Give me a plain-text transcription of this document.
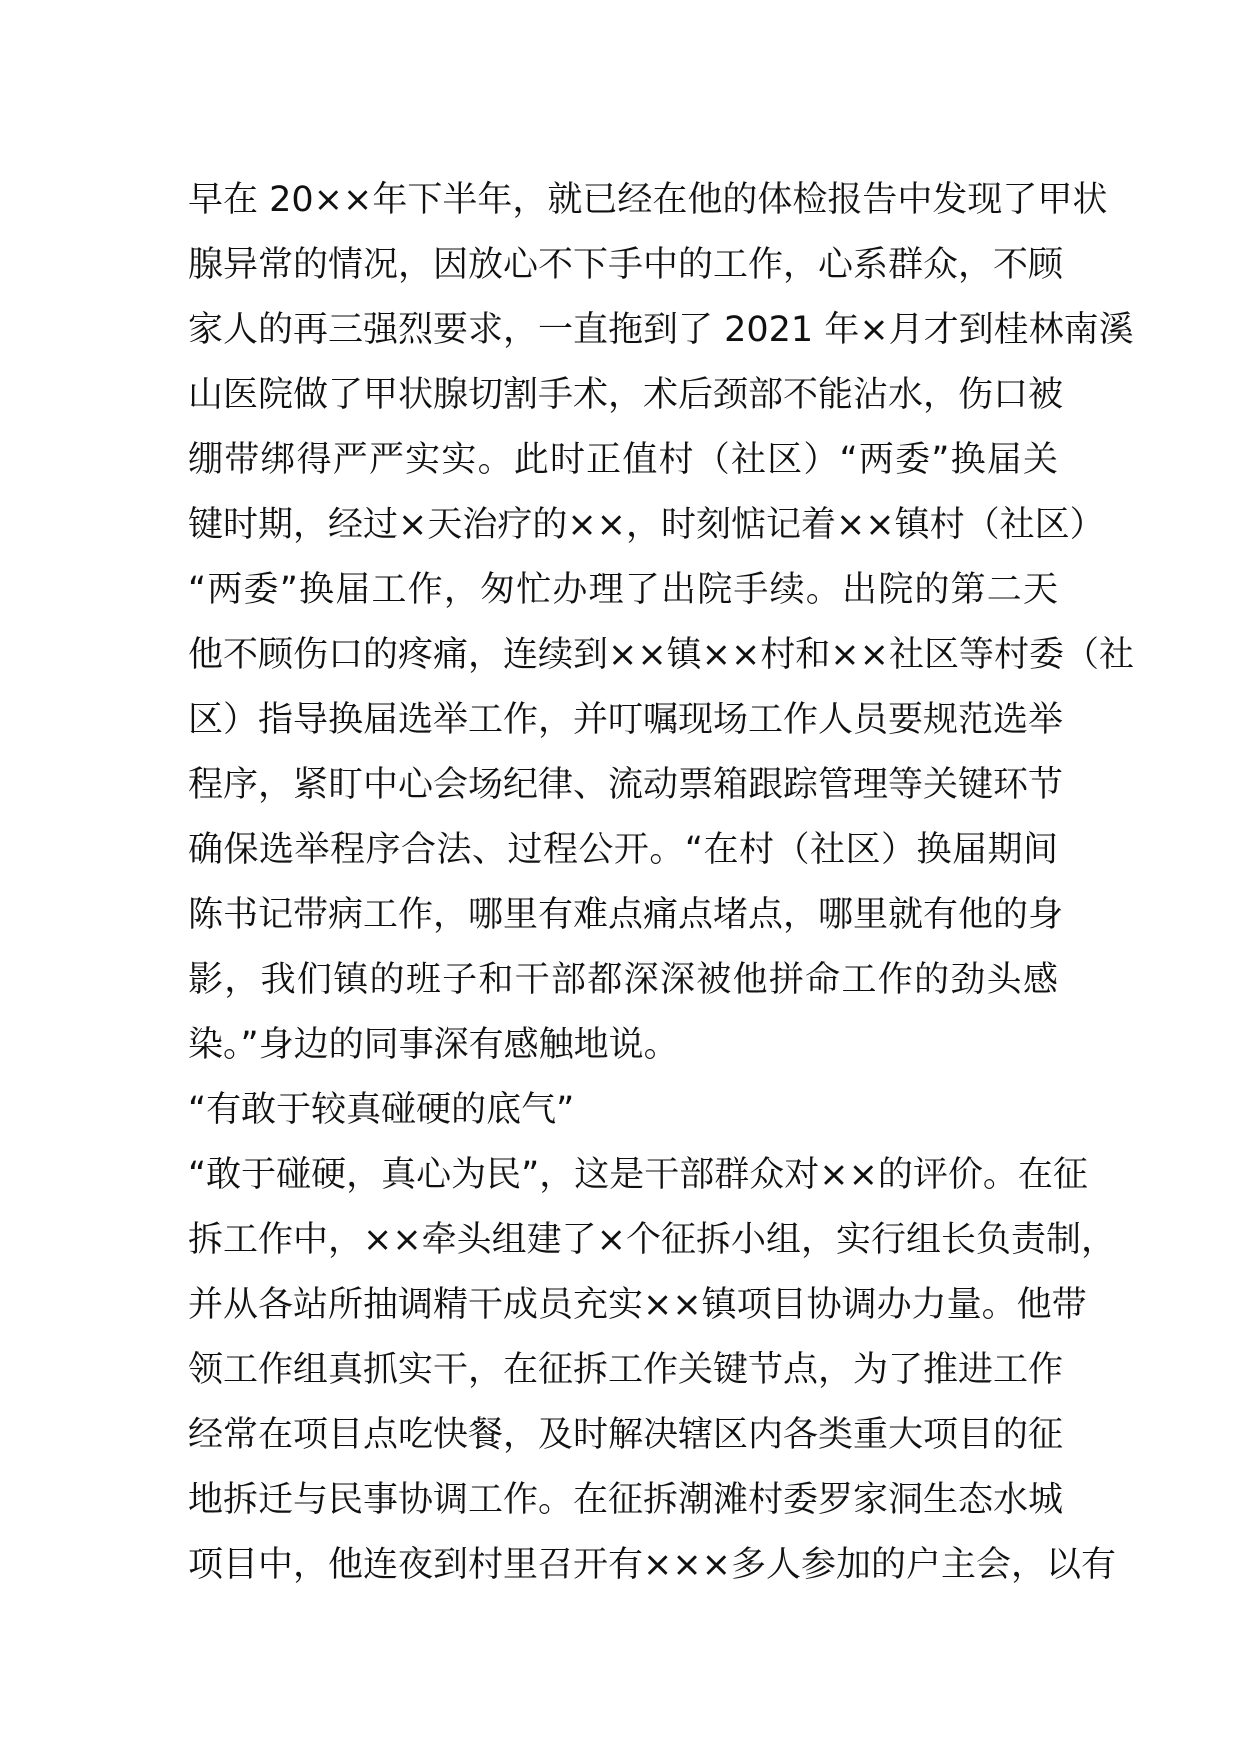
早在 20××年下半年，就已经在他的体检报告中发现了甲状
腺异常的情况，因放心不下手中的工作，心系群众，不顾
家人的再三强烈要求，一直拖到了 2021 年×月才到桂林南溪
山医院做了甲状腺切割手术，术后颈部不能沾水，伤口被
绷带绑得严严实实。此时正值村（社区）“两委”换届关
键时期，经过×天治疗的××，时刻惦记着××镇村（社区）
“两委”换届工作，匆忙办理了出院手续。出院的第二天
他不顾伤口的疼痛，连续到××镇××村和××社区等村委（社
区）指导换届选举工作，并叮嘱现场工作人员要规范选举
程序，紧盯中心会场纪律、流动票箱跟踪管理等关键环节
确保选举程序合法、过程公开。“在村（社区）换届期间
陈书记带病工作，哪里有难点痛点堵点，哪里就有他的身
影，我们镇的班子和干部都深深被他拼命工作的劲头感
染。”身边的同事深有感触地说。
“有敢于较真碰硬的底气”
“敢于碰硬，真心为民”，这是干部群众对××的评价。在征
拆工作中，××牵头组建了×个征拆小组，实行组长负责制，
并从各站所抽调精干成员充实××镇项目协调办力量。他带
领工作组真抓实干，在征拆工作关键节点，为了推进工作
经常在项目点吃快餐，及时解决辖区内各类重大项目的征
地拆迁与民事协调工作。在征拆潮滩村委罗家洞生态水城
项目中，他连夜到村里召开有×××多人参加的户主会，以有
